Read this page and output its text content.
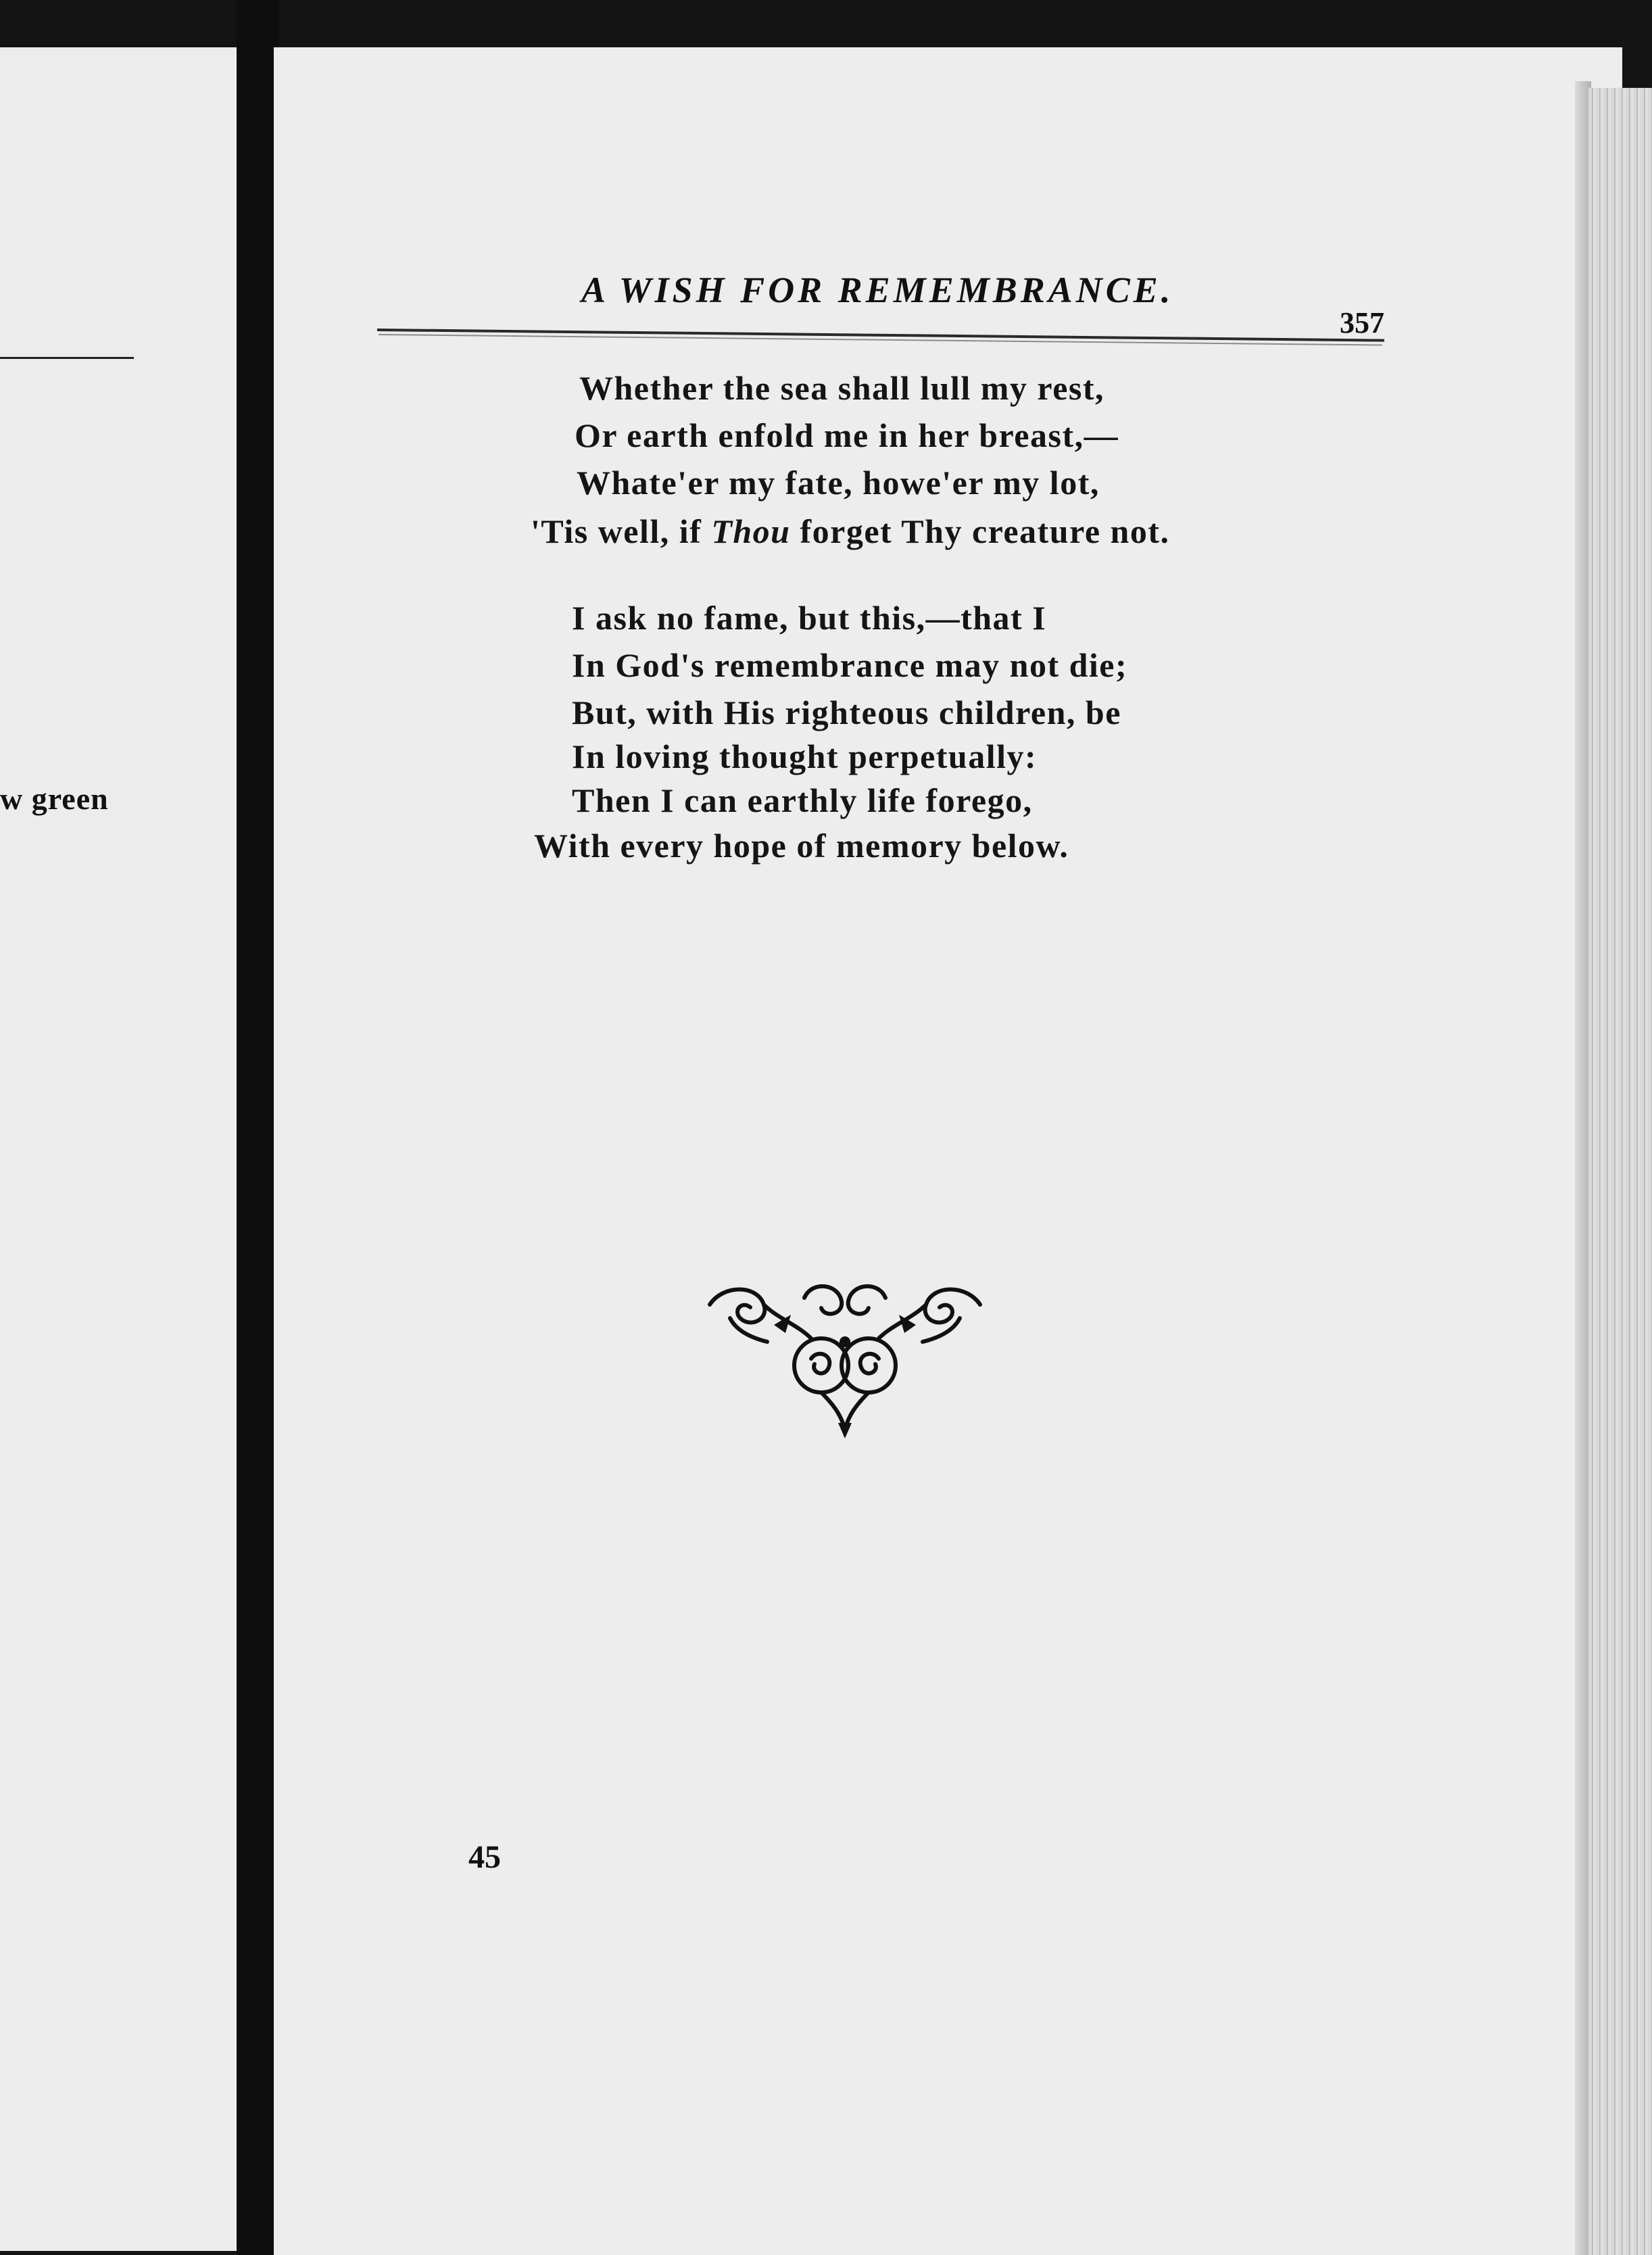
w green
A WISH FOR REMEMBRANCE.
357
Whether the sea shall lull my rest,
Or earth enfold me in her breast,—
Whate'er my fate, howe'er my lot,
'Tis well, if Thou forget Thy creature not.
I ask no fame, but this,—that I
In God's remembrance may not die;
But, with His righteous children, be
In loving thought perpetually:
Then I can earthly life forego,
With every hope of memory below.
45
